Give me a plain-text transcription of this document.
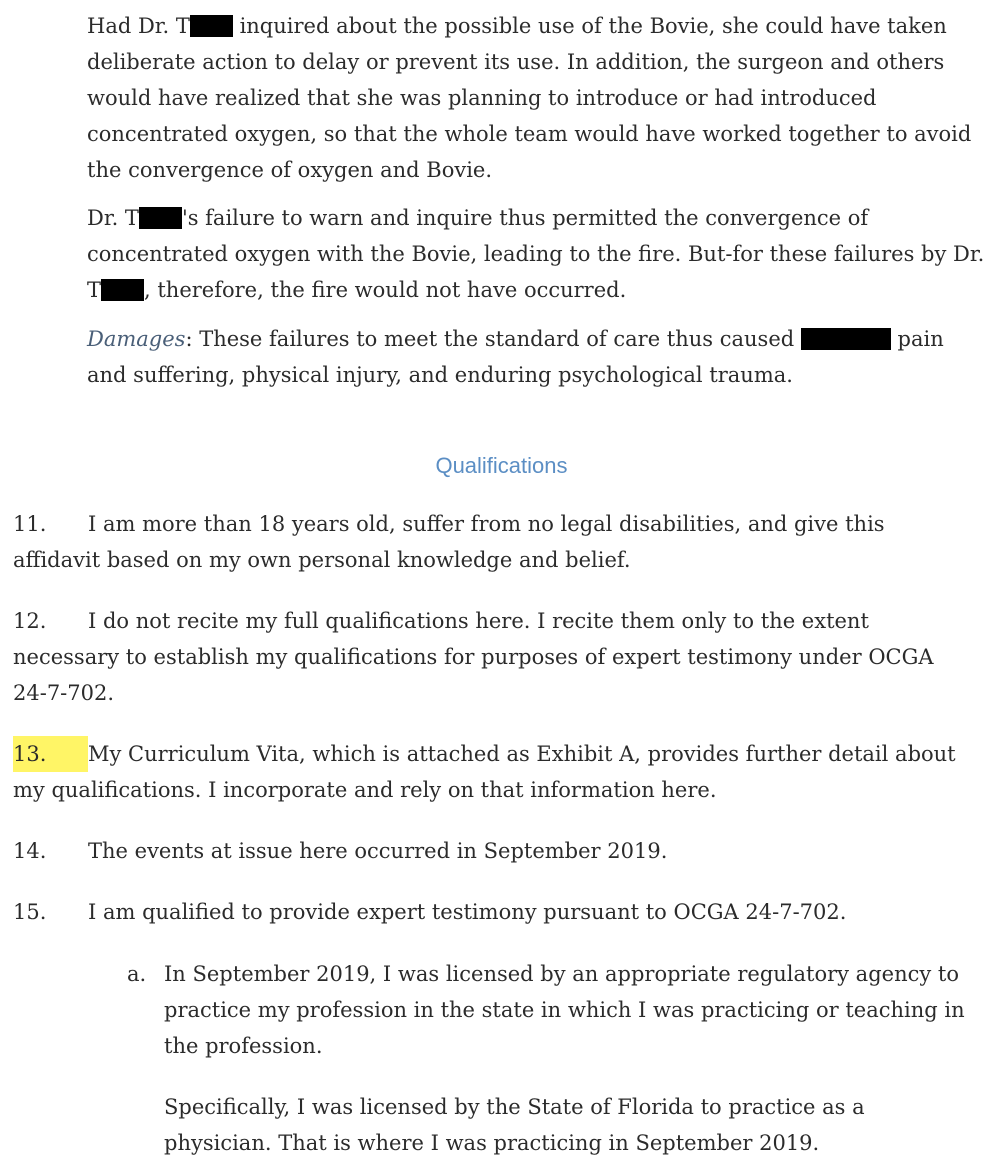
Had Dr. T inquired about the possible use of the Bovie, she could have taken deliberate action to delay or prevent its use. In addition, the surgeon and others would have realized that she was planning to introduce or had introduced concentrated oxygen, so that the whole team would have worked together to avoid the convergence of oxygen and Bovie.

Dr. T 's failure to warn and inquire thus permitted the convergence of concentrated oxygen with the Bovie, leading to the fire. But-for these failures by Dr. T , therefore, the fire would not have occurred.

Damages: These failures to meet the standard of care thus caused	pain and suffering, physical injury, and enduring psychological trauma.

Qualifications
11. I am more than 18 years old, suffer from no legal disabilities, and give this affidavit based on my own personal knowledge and belief.
12. I do not recite my full qualifications here. I recite them only to the extent necessary to establish my qualifications for purposes of expert testimony under OCGA 24-7-702.
13. My Curriculum Vita, which is attached as Exhibit A, provides further detail about my qualifications. I incorporate and rely on that information here.
14. The events at issue here occurred in September 2019.
15. I am qualified to provide expert testimony pursuant to OCGA 24-7-702.
a. In September 2019, I was licensed by an appropriate regulatory agency to practice my profession in the state in which I was practicing or teaching in the profession.
Specifically, I was licensed by the State of Florida to practice as a physician. That is where I was practicing in September 2019.
